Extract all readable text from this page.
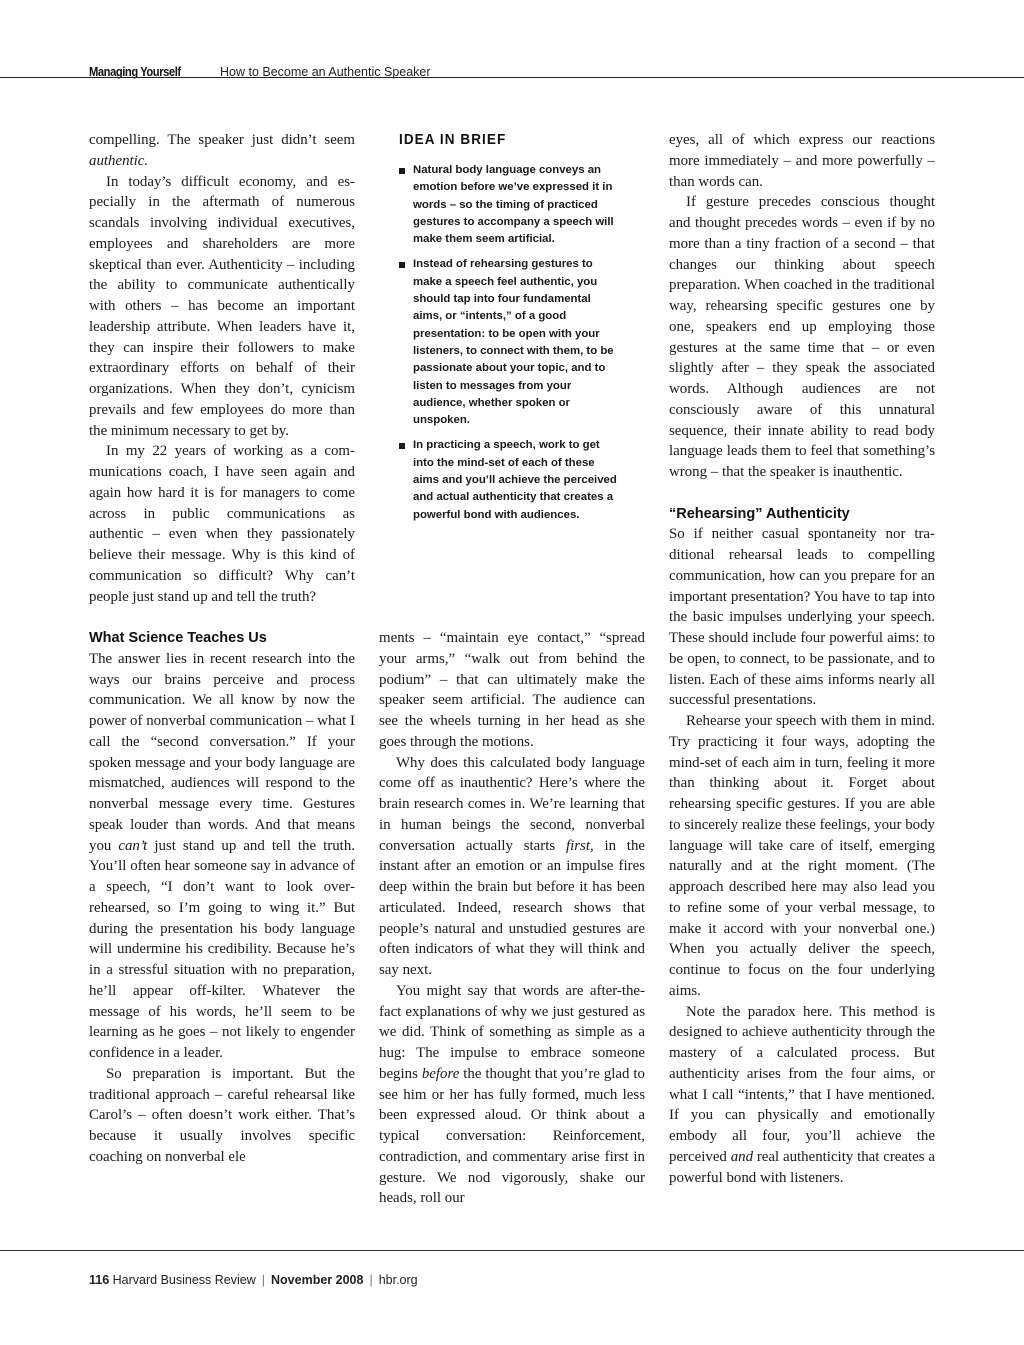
Managing Yourself	How to Become an Authentic Speaker

compelling. The speaker just didn’t seem authentic.

In today’s difficult economy, and especially in the aftermath of numerous scandals involving individual executives, employees and shareholders are more skeptical than ever. Authenticity – including the ability to communicate authentically with others – has become an important leadership attribute. When leaders have it, they can inspire their followers to make extraordinary efforts on behalf of their organizations. When they don’t, cynicism prevails and few employees do more than the minimum necessary to get by.

In my 22 years of working as a communications coach, I have seen again and again how hard it is for managers to come across in public communications as authentic – even when they passionately believe their message. Why is this kind of communication so difficult? Why can’t people just stand up and tell the truth?

What Science Teaches Us

The answer lies in recent research into the ways our brains perceive and process communication. We all know by now the power of nonverbal communication – what I call the “second conversation.” If your spoken message and your body language are mismatched, audiences will respond to the nonverbal message every time. Gestures speak louder than words. And that means you can’t just stand up and tell the truth. You’ll often hear someone say in advance of a speech, “I don’t want to look overrehearsed, so I’m going to wing it.” But during the presentation his body language will undermine his credibility. Because he’s in a stressful situation with no preparation, he’ll appear off-kilter. Whatever the message of his words, he’ll seem to be learning as he goes – not likely to engender confidence in a leader.

So preparation is important. But the traditional approach – careful rehearsal like Carol’s – often doesn’t work either. That’s because it usually involves specific coaching on nonverbal ele

IDEA IN BRIEF
Natural body language conveys an emotion before we’ve expressed it in words – so the timing of practiced gestures to accompany a speech will make them seem artificial.
Instead of rehearsing gestures to make a speech feel authentic, you should tap into four fundamental aims, or “intents,” of a good presentation: to be open with your listeners, to connect with them, to be passionate about your topic, and to listen to messages from your audience, whether spoken or unspoken.
In practicing a speech, work to get into the mind-set of each of these aims and you’ll achieve the perceived and actual authenticity that creates a powerful bond with audiences.

ments – “maintain eye contact,” “spread your arms,” “walk out from behind the podium” – that can ultimately make the speaker seem artificial. The audience can see the wheels turning in her head as she goes through the motions.

Why does this calculated body language come off as inauthentic? Here’s where the brain research comes in. We’re learning that in human beings the second, nonverbal conversation actually starts first, in the instant after an emotion or an impulse fires deep within the brain but before it has been articulated. Indeed, research shows that people’s natural and unstudied gestures are often indicators of what they will think and say next.

You might say that words are after-the-fact explanations of why we just gestured as we did. Think of something as simple as a hug: The impulse to embrace someone begins before the thought that you’re glad to see him or her has fully formed, much less been expressed aloud. Or think about a typical conversation: Reinforcement, contradiction, and commentary arise first in gesture. We nod vigorously, shake our heads, roll our

eyes, all of which express our reactions more immediately – and more powerfully – than words can.

If gesture precedes conscious thought and thought precedes words – even if by no more than a tiny fraction of a second – that changes our thinking about speech preparation. When coached in the traditional way, rehearsing specific gestures one by one, speakers end up employing those gestures at the same time that – or even slightly after – they speak the associated words. Although audiences are not consciously aware of this unnatural sequence, their innate ability to read body language leads them to feel that something’s wrong – that the speaker is inauthentic.

“Rehearsing” Authenticity

So if neither casual spontaneity nor traditional rehearsal leads to compelling communication, how can you prepare for an important presentation? You have to tap into the basic impulses underlying your speech. These should include four powerful aims: to be open, to connect, to be passionate, and to listen. Each of these aims informs nearly all successful presentations.

Rehearse your speech with them in mind. Try practicing it four ways, adopting the mind-set of each aim in turn, feeling it more than thinking about it. Forget about rehearsing specific gestures. If you are able to sincerely realize these feelings, your body language will take care of itself, emerging naturally and at the right moment. (The approach described here may also lead you to refine some of your verbal message, to make it accord with your nonverbal one.) When you actually deliver the speech, continue to focus on the four underlying aims.

Note the paradox here. This method is designed to achieve authenticity through the mastery of a calculated process. But authenticity arises from the four aims, or what I call “intents,” that I have mentioned. If you can physically and emotionally embody all four, you’ll achieve the perceived and real authenticity that creates a powerful bond with listeners.

116 Harvard Business Review | November 2008 | hbr.org
